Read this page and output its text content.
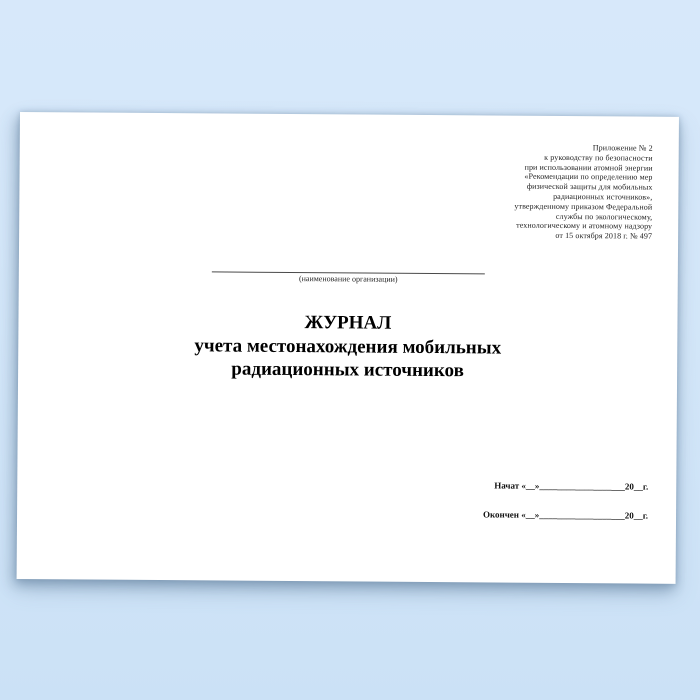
Приложение № 2
к руководству по безопасности
при использовании атомной энергии
«Рекомендации по определению мер
физической защиты для мобильных
радиационных источников»,
утвержденному приказом Федеральной
службы по экологическому,
технологическому и атомному надзору
от 15 октября 2018 г. № 497
(наименование организации)
ЖУРНАЛ
учета местонахождения мобильных
радиационных источников
Начат «__»___________________20__г.
Окончен «__»___________________20__г.
